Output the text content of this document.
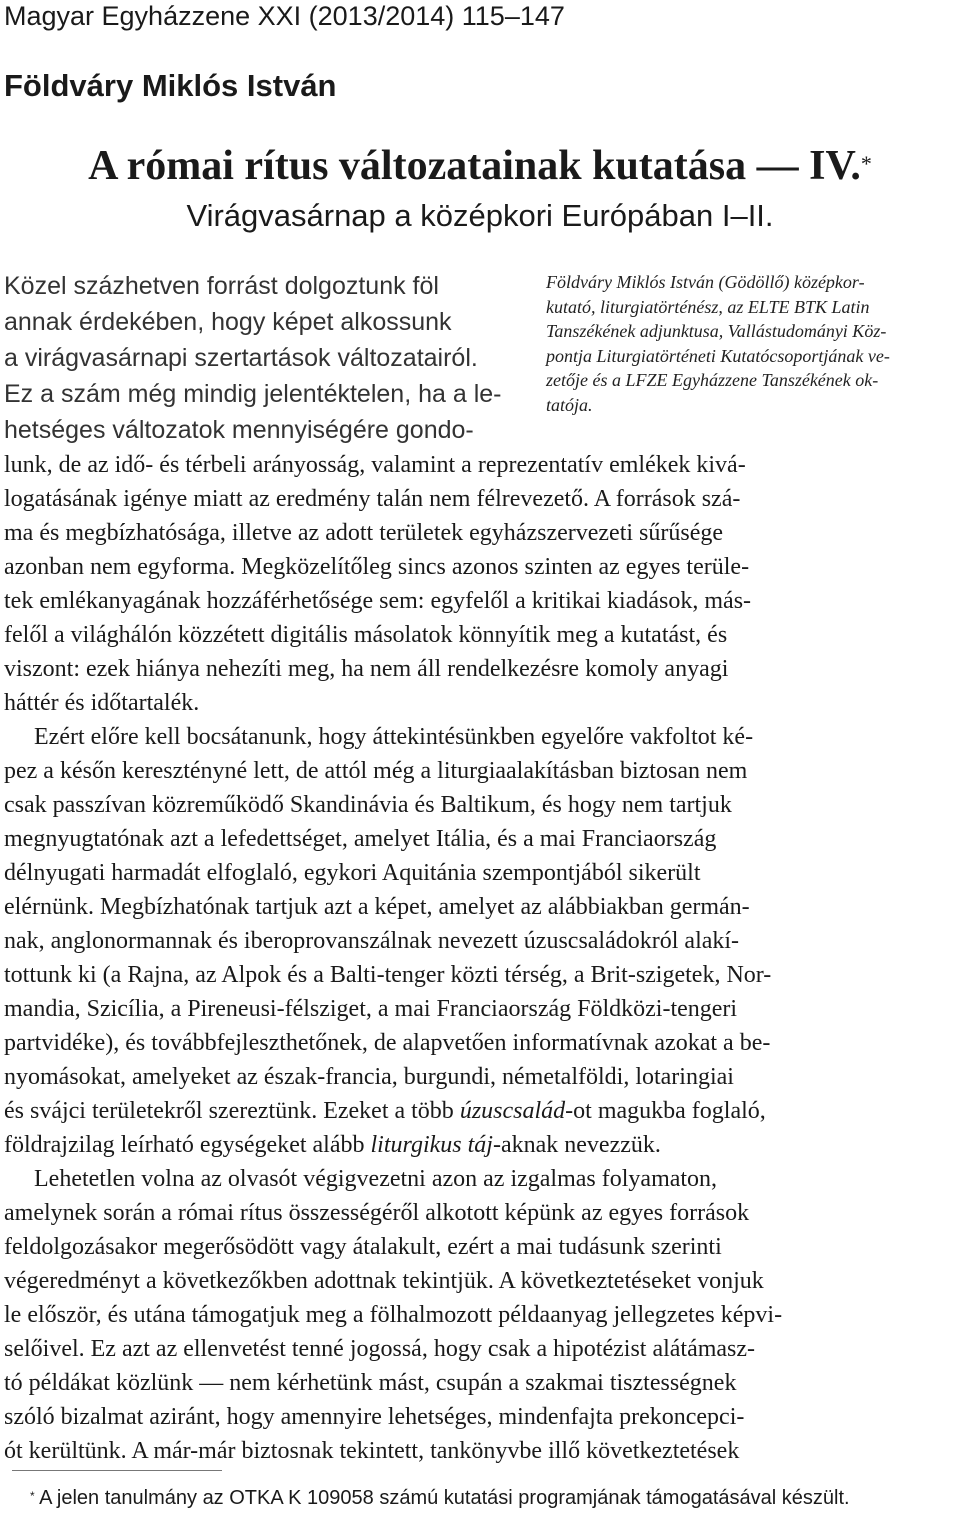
Magyar Egyházzene XXI (2013/2014) 115–147
Földváry Miklós István
A római rítus változatainak kutatása — IV.*
Virágvasárnap a középkori Európában I–II.
Közel százhetven forrást dolgoztunk föl
annak érdekében, hogy képet alkossunk
a virágvasárnapi szertartások változatairól.
Ez a szám még mindig jelentéktelen, ha a le-
hetséges változatok mennyiségére gondo-
Földváry Miklós István (Gödöllő) középkor-
kutató, liturgiatörténész, az ELTE BTK Latin
Tanszékének adjunktusa, Vallástudományi Köz-
pontja Liturgiatörténeti Kutatócsoportjának ve-
zetője és a LFZE Egyházzene Tanszékének ok-
tatója.
lunk, de az idő- és térbeli arányosság, valamint a reprezentatív emlékek kivá-
logatásának igénye miatt az eredmény talán nem félrevezető. A források szá-
ma és megbízhatósága, illetve az adott területek egyházszervezeti sűrűsége
azonban nem egyforma. Megközelítőleg sincs azonos szinten az egyes terüle-
tek emlékanyagának hozzáférhetősége sem: egyfelől a kritikai kiadások, más-
felől a világhálón közzétett digitális másolatok könnyítik meg a kutatást, és
viszont: ezek hiánya nehezíti meg, ha nem áll rendelkezésre komoly anyagi
háttér és időtartalék.
Ezért előre kell bocsátanunk, hogy áttekintésünkben egyelőre vakfoltot ké-
pez a későn keresztényné lett, de attól még a liturgiaalakításban biztosan nem
csak passzívan közreműködő Skandinávia és Baltikum, és hogy nem tartjuk
megnyugtatónak azt a lefedettséget, amelyet Itália, és a mai Franciaország
délnyugati harmadát elfoglaló, egykori Aquitánia szempontjából sikerült
elérnünk. Megbízhatónak tartjuk azt a képet, amelyet az alábbiakban germán-
nak, anglonormannak és iberoprovanszálnak nevezett úzuscsaládokról alakí-
tottunk ki (a Rajna, az Alpok és a Balti-tenger közti térség, a Brit-szigetek, Nor-
mandia, Szicília, a Pireneusi-félsziget, a mai Franciaország Földközi-tengeri
partvidéke), és továbbfejleszthetőnek, de alapvetően informatívnak azokat a be-
nyomásokat, amelyeket az észak-francia, burgundi, németalföldi, lotaringiai
és svájci területekről szereztünk. Ezeket a több úzuscsalád-ot magukba foglaló,
földrajzilag leírható egységeket alább liturgikus táj-aknak nevezzük.
Lehetetlen volna az olvasót végigvezetni azon az izgalmas folyamaton,
amelynek során a római rítus összességéről alkotott képünk az egyes források
feldolgozásakor megerősödött vagy átalakult, ezért a mai tudásunk szerinti
végeredményt a következőkben adottnak tekintjük. A következtetéseket vonjuk
le először, és utána támogatjuk meg a fölhalmozott példaanyag jellegzetes képvi-
selőivel. Ez azt az ellenvetést tenné jogossá, hogy csak a hipotézist alátámasz-
tó példákat közlünk — nem kérhetünk mást, csupán a szakmai tisztességnek
szóló bizalmat aziránt, hogy amennyire lehetséges, mindenfajta prekoncepci-
ót kerültünk. A már-már biztosnak tekintett, tankönyvbe illő következtetések
* A jelen tanulmány az OTKA K 109058 számú kutatási programjának támogatásával készült.
